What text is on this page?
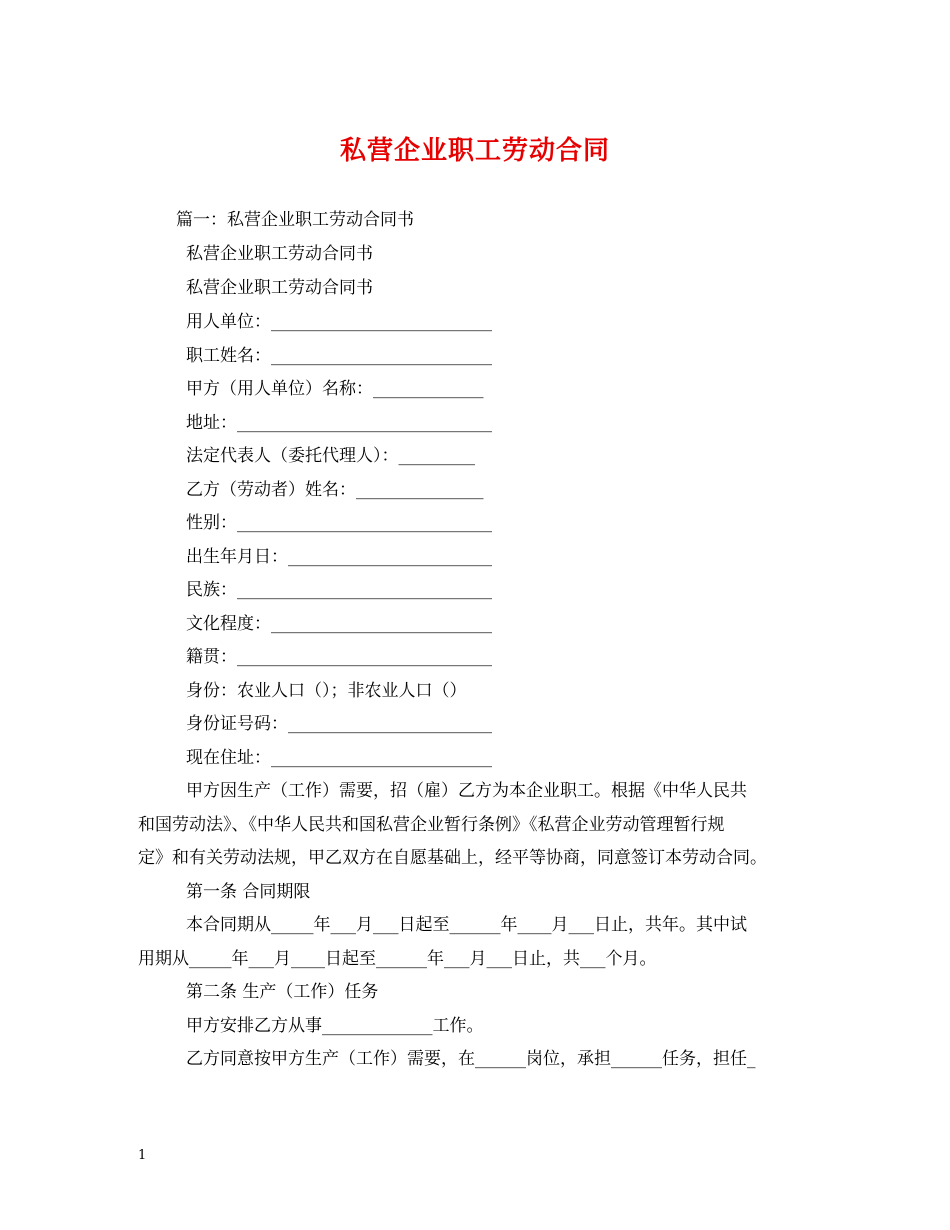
私营企业职工劳动合同
篇一：私营企业职工劳动合同书
私营企业职工劳动合同书
私营企业职工劳动合同书
用人单位：__________________________
职工姓名：__________________________
甲方（用人单位）名称：_____________
地址：______________________________
法定代表人（委托代理人）：_________
乙方（劳动者）姓名：_______________
性别：______________________________
出生年月日：________________________
民族：______________________________
文化程度：__________________________
籍贯：______________________________
身份：农业人口（）；非农业人口（）
身份证号码：________________________
现在住址：__________________________
甲方因生产（工作）需要，招（雇）乙方为本企业职工。根据《中华人民共
和国劳动法》、《中华人民共和国私营企业暂行条例》《私营企业劳动管理暂行规
定》和有关劳动法规，甲乙双方在自愿基础上，经平等协商，同意签订本劳动合同。
第一条 合同期限
本合同期从_____年___月___日起至______年____月___日止，共年。其中试
用期从_____年___月____日起至______年___月___日止，共___个月。
第二条 生产（工作）任务
甲方安排乙方从事_____________工作。
乙方同意按甲方生产（工作）需要，在______岗位，承担______任务，担任_
1
